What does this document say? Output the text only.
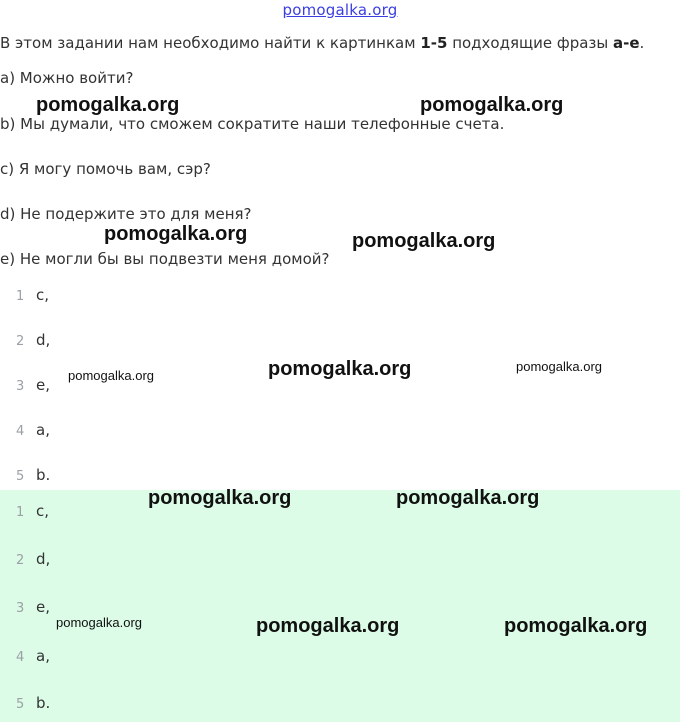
pomogalka.org
В этом задании нам необходимо найти к картинкам 1-5 подходящие фразы a-e.
a) Можно войти?
b) Мы думали, что сможем сократите наши телефонные счета.
c) Я могу помочь вам, сэр?
d) Не подержите это для меня?
e) Не могли бы вы подвезти меня домой?
1 c,
2 d,
3 e,
4 a,
5 b.
1 c,
2 d,
3 e,
4 a,
5 b.
pomogalka.org	pomogalka.org
pomogalka.org	pomogalka.org
pomogalka.org	pomogalka.org	pomogalka.org
pomogalka.org	pomogalka.org
pomogalka.org	pomogalka.org	pomogalka.org
